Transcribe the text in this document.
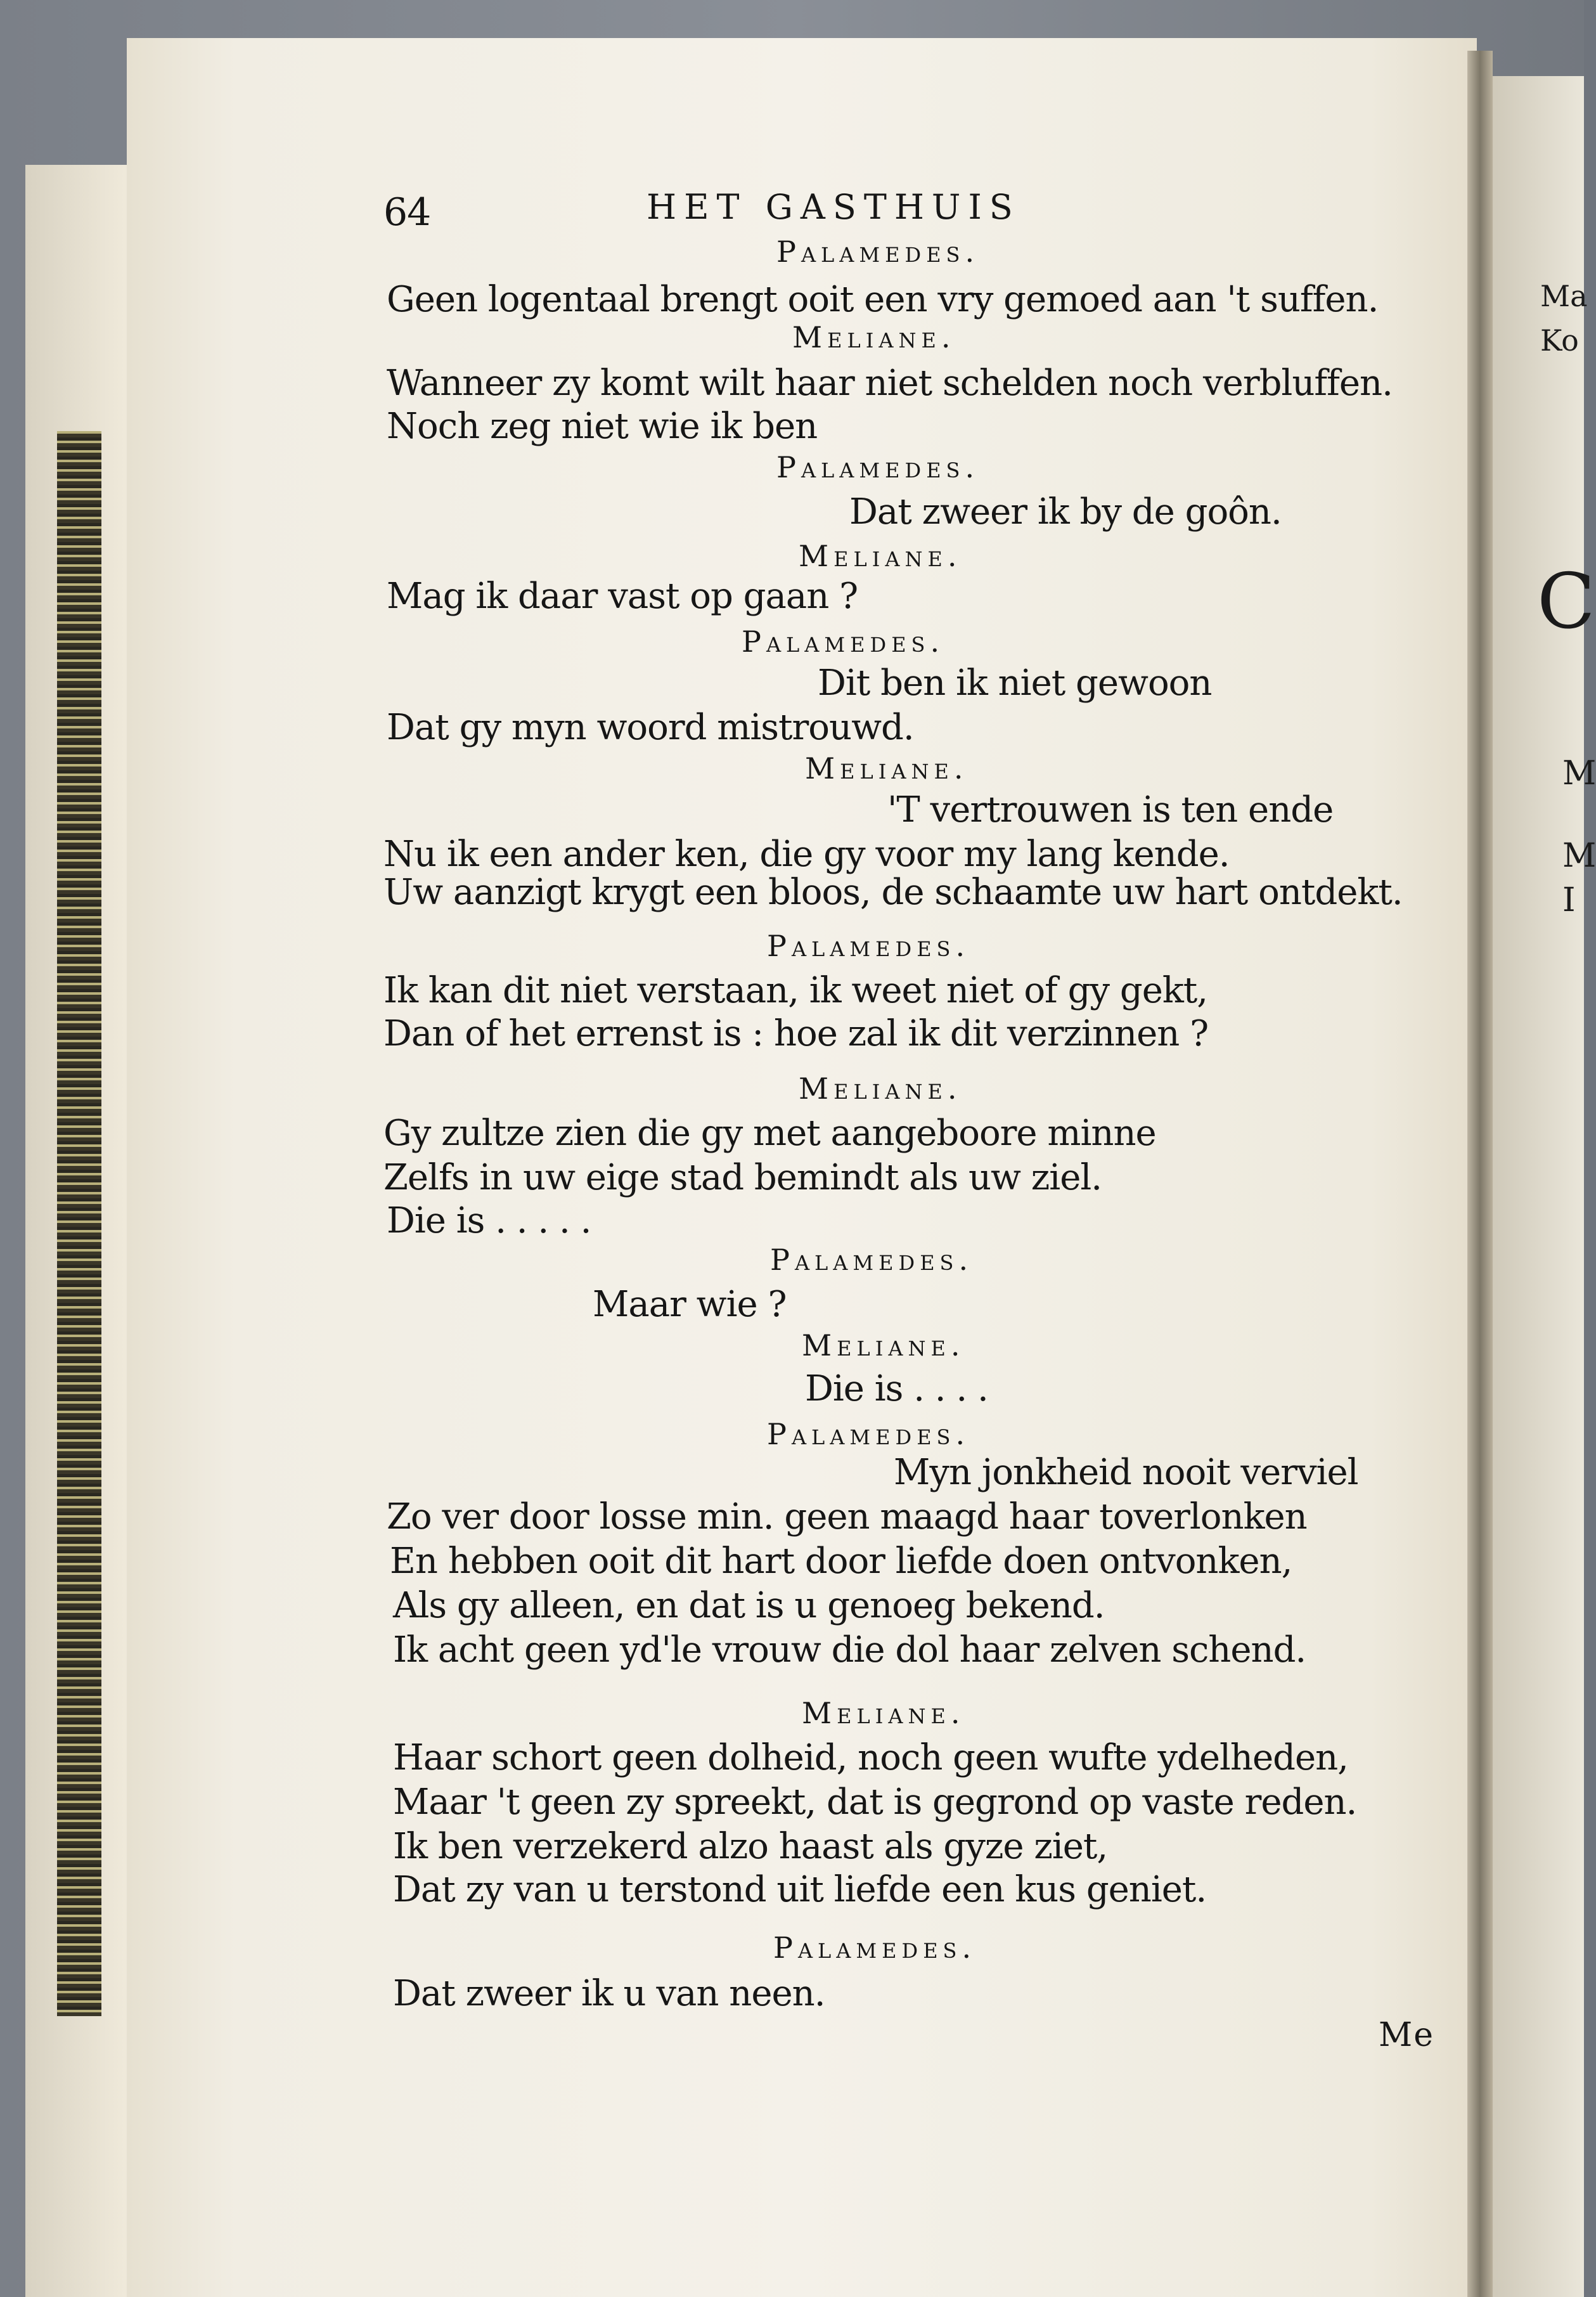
Ma
Ko
C
M
M
I
64	HET GASTHUIS
Palamedes.
Geen logentaal brengt ooit een vry gemoed aan 't suffen.
Meliane.
Wanneer zy komt wilt haar niet schelden noch verbluffen.
Noch zeg niet wie ik ben
Palamedes.
Dat zweer ik by de goôn.
Meliane.
Mag ik daar vast op gaan ?
Palamedes.
Dit ben ik niet gewoon
Dat gy myn woord mistrouwd.
Meliane.
'T vertrouwen is ten ende
Nu ik een ander ken, die gy voor my lang kende.
Uw aanzigt krygt een bloos, de schaamte uw hart ontdekt.
Palamedes.
Ik kan dit niet verstaan, ik weet niet of gy gekt,
Dan of het errenst is : hoe zal ik dit verzinnen ?
Meliane.
Gy zultze zien die gy met aangeboore minne
Zelfs in uw eige stad bemindt als uw ziel.
Die is . . . . .
Palamedes.
Maar wie ?
Meliane.
Die is . . . .
Palamedes.
Myn jonkheid nooit verviel
Zo ver door losse min. geen maagd haar toverlonken
En hebben ooit dit hart door liefde doen ontvonken,
Als gy alleen, en dat is u genoeg bekend.
Ik acht geen yd'le vrouw die dol haar zelven schend.
Meliane.
Haar schort geen dolheid, noch geen wufte ydelheden,
Maar 't geen zy spreekt, dat is gegrond op vaste reden.
Ik ben verzekerd alzo haast als gyze ziet,
Dat zy van u terstond uit liefde een kus geniet.
Palamedes.
Dat zweer ik u van neen.
Me
